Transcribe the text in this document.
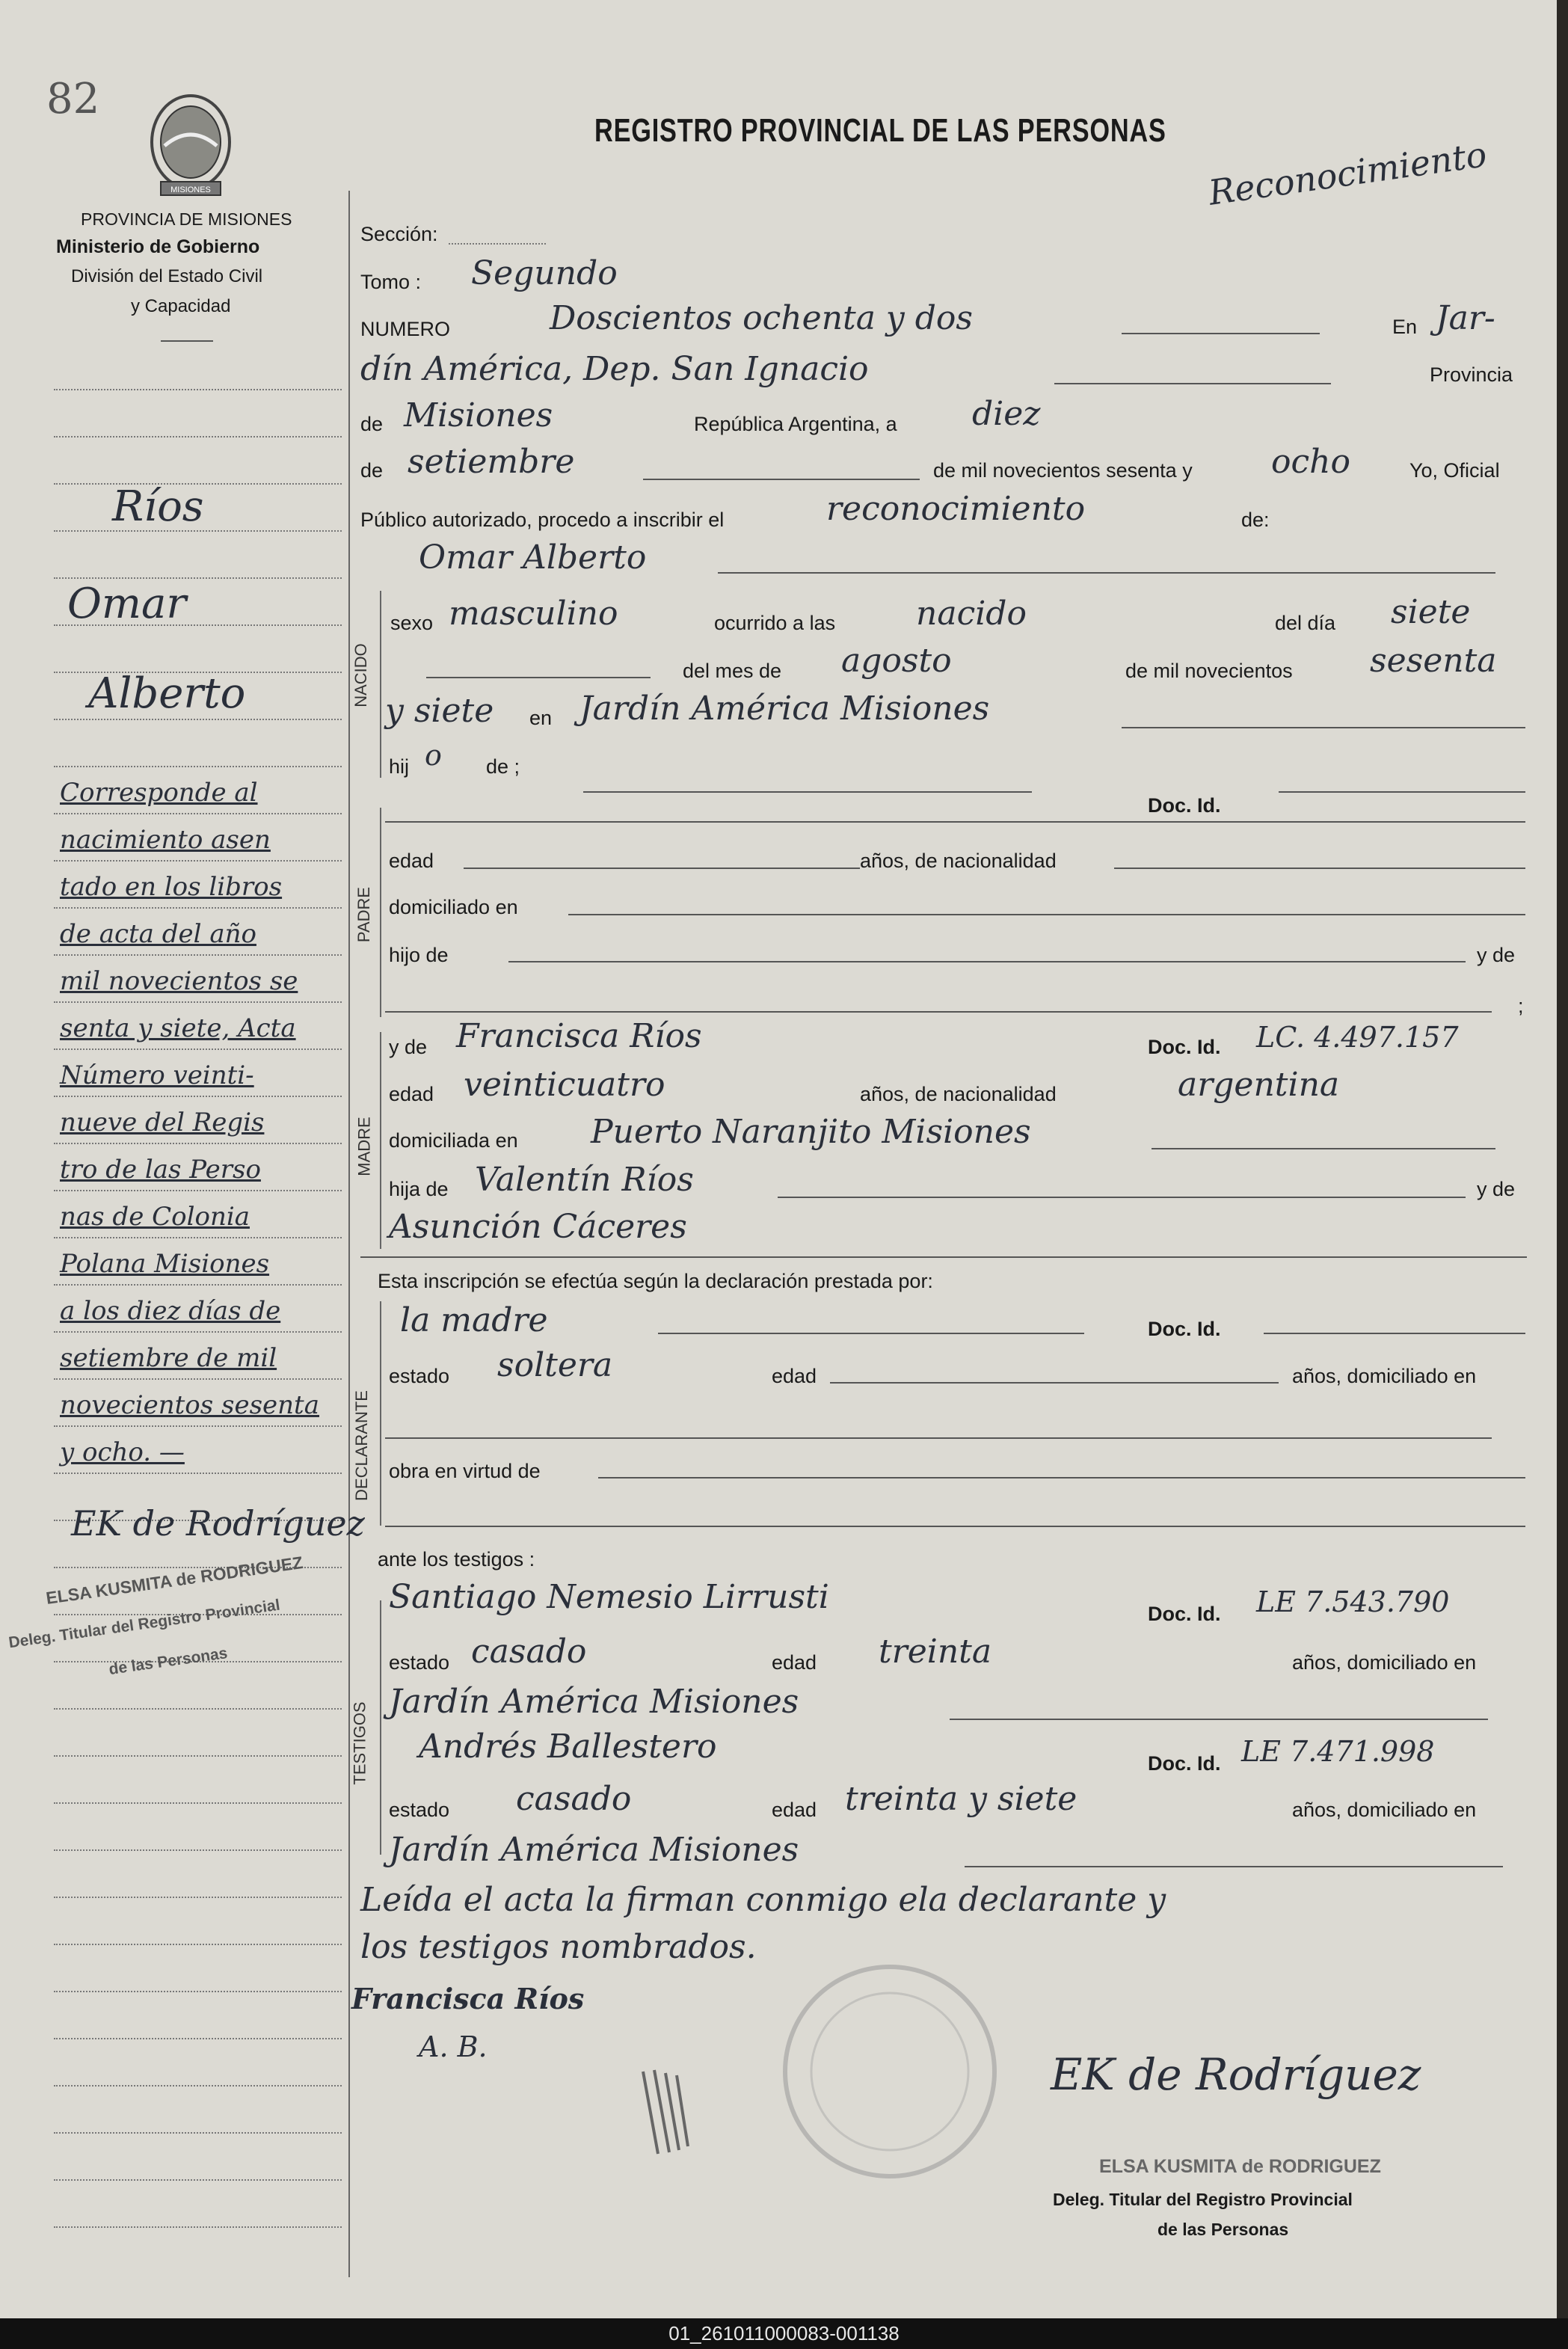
82
MISIONES
REGISTRO PROVINCIAL DE LAS PERSONAS
PROVINCIA DE MISIONES
Ministerio de Gobierno
División del Estado Civil
y Capacidad
Reconocimiento
Ríos
Omar
Alberto
Corresponde al
nacimiento asen
tado en los libros
de acta del año
mil novecientos se
senta y siete, Acta
Número veinti-
nueve del Regis
tro de las Perso
nas de Colonia
Polana Misiones
a los diez días de
setiembre de mil
novecientos sesenta
y ocho. —
EK de Rodríguez
ELSA KUSMITA de RODRIGUEZ
Deleg. Titular del Registro Provincial
de las Personas
NACIDO
PADRE
MADRE
DECLARANTE
TESTIGOS
Sección:
Tomo : Segundo
NUMERO	Doscientos ochenta y dos	En Jar-
dín América, Dep. San Ignacio	Provincia
de Misiones	República Argentina, a diez
de setiembre	de mil novecientos sesenta y ocho	Yo, Oficial
Público autorizado, procedo a inscribir el	reconocimiento	de:
Omar Alberto
sexo masculino	ocurrido a las nacido	del día siete
del mes de agosto	de mil novecientos sesenta
y siete en Jardín América Misiones
hij o de ;
Doc. Id.
edad	años, de nacionalidad
domiciliado en
hijo de	y de
;
y de Francisca Ríos	Doc. Id. LC. 4.497.157
edad veinticuatro	años, de nacionalidad	argentina
domiciliada en Puerto Naranjito Misiones
hija de Valentín Ríos	y de
Asunción Cáceres
Esta inscripción se efectúa según la declaración prestada por:
la madre	Doc. Id.
estado soltera	edad	años, domiciliado en
obra en virtud de
ante los testigos :
Santiago Nemesio Lirrusti	Doc. Id. LE 7.543.790
estado casado	edad treinta	años, domiciliado en
Jardín América Misiones
Andrés Ballestero	Doc. Id. LE 7.471.998
estado casado	edad treinta y siete	años, domiciliado en
Jardín América Misiones
Leída el acta la firman conmigo ela declarante y
los testigos nombrados.
Francisca Ríos
A. B.
EK de Rodríguez
ELSA KUSMITA de RODRIGUEZ
Deleg. Titular del Registro Provincial
de las Personas
01_261011000083-001138
